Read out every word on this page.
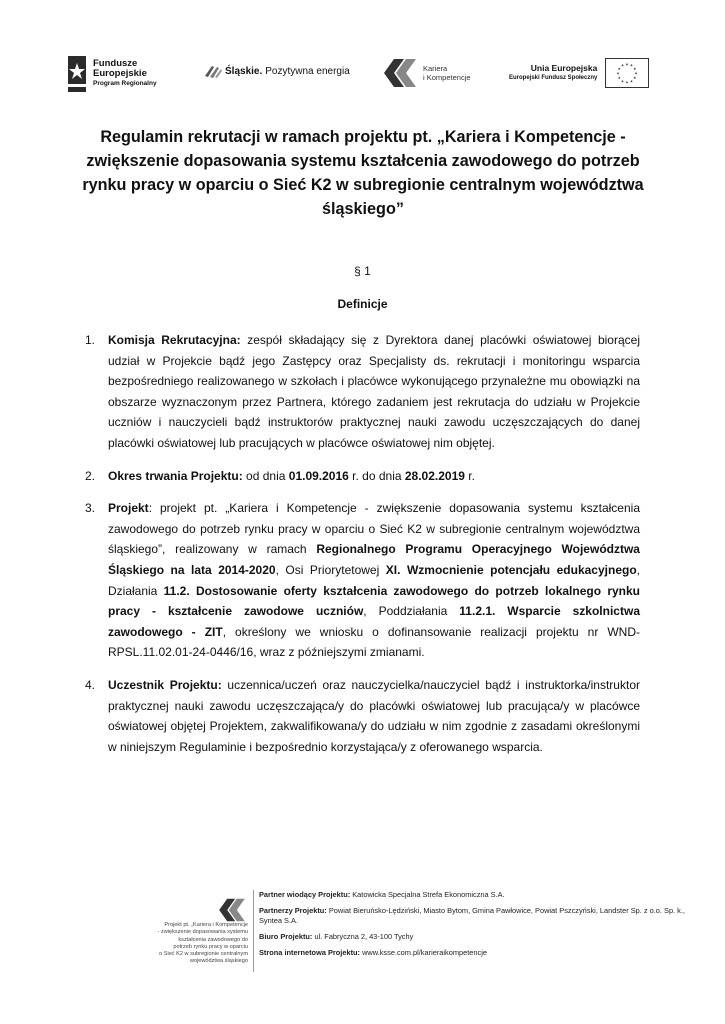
Fundusze
Europejskie
Program Regionalny
Śląskie. Pozytywna energia	Kariera
i Kompetencje
Unia Europejska
Europejski Fundusz Społeczny
★ ★
★
★
★
★
★
★
★
★
★
★
Regulamin rekrutacji w ramach projektu pt. „Kariera i Kompetencje - zwiększenie dopasowania systemu kształcenia zawodowego do potrzeb rynku pracy w oparciu o Sieć K2 w subregionie centralnym województwa śląskiego”
§ 1
Definicje
1. Komisja Rekrutacyjna: zespół składający się z Dyrektora danej placówki oświatowej biorącej udział w Projekcie bądź jego Zastępcy oraz Specjalisty ds. rekrutacji i monitoringu wsparcia bezpośredniego realizowanego w szkołach i placówce wykonującego przynależne mu obowiązki na obszarze wyznaczonym przez Partnera, którego zadaniem jest rekrutacja do udziału w Projekcie uczniów i nauczycieli bądź instruktorów praktycznej nauki zawodu uczęszczających do danej placówki oświatowej lub pracujących w placówce oświatowej nim objętej.
2. Okres trwania Projektu: od dnia 01.09.2016 r. do dnia 28.02.2019 r.
3. Projekt: projekt pt. „Kariera i Kompetencje - zwiększenie dopasowania systemu kształcenia zawodowego do potrzeb rynku pracy w oparciu o Sieć K2 w subregionie centralnym województwa śląskiego”, realizowany w ramach Regionalnego Programu Operacyjnego Województwa Śląskiego na lata 2014-2020, Osi Priorytetowej XI. Wzmocnienie potencjału edukacyjnego, Działania 11.2. Dostosowanie oferty kształcenia zawodowego do potrzeb lokalnego rynku pracy - kształcenie zawodowe uczniów, Poddziałania 11.2.1. Wsparcie szkolnictwa zawodowego - ZIT, określony we wniosku o dofinansowanie realizacji projektu nr WND-RPSL.11.02.01-24-0446/16, wraz z późniejszymi zmianami.
4. Uczestnik Projektu: uczennica/uczeń oraz nauczycielka/nauczyciel bądź i instruktorka/instruktor praktycznej nauki zawodu uczęszczająca/y do placówki oświatowej lub pracująca/y w placówce oświatowej objętej Projektem, zakwalifikowana/y do udziału w nim zgodnie z zasadami określonymi w niniejszym Regulaminie i bezpośrednio korzystająca/y z oferowanego wsparcia.
Projekt pt. „Kariera i Kompetencje
- zwiększenie dopasowania systemu
kształcenia zawodowego do
potrzeb rynku pracy w oparciu
o Sieć K2 w subregionie centralnym
województwa śląskiego

Partner wiodący Projektu: Katowicka Specjalna Strefa Ekonomiczna S.A.

Partnerzy Projektu: Powiat Bieruńsko-Lędziński, Miasto Bytom, Gmina Pawłowice, Powiat Pszczyński, Landster Sp. z o.o. Sp. k., Syntea S.A.

Biuro Projektu: ul. Fabryczna 2, 43-100 Tychy

Strona internetowa Projektu: www.ksse.com.pl/karieraikompetencje
